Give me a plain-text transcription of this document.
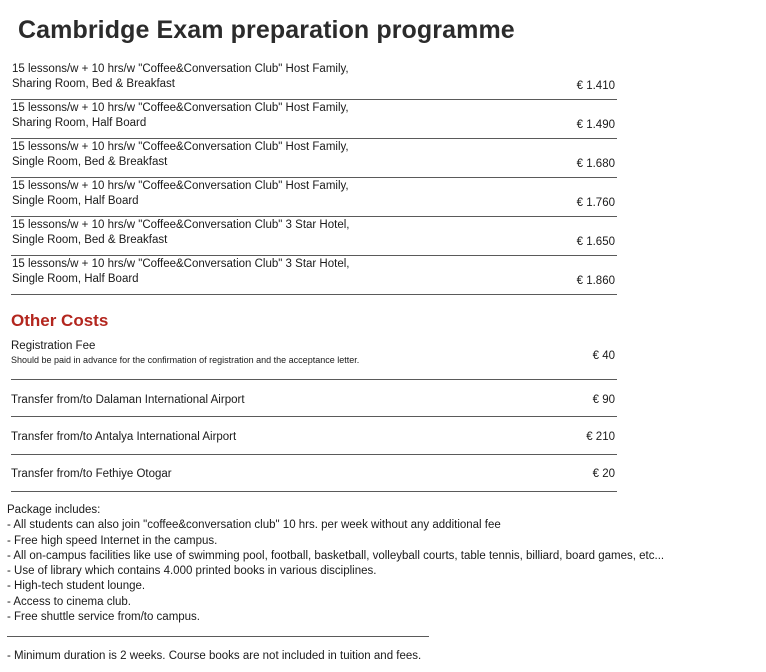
Cambridge Exam preparation programme
15 lessons/w + 10 hrs/w "Coffee&Conversation Club" Host Family,
Sharing Room, Bed & Breakfast	€ 1.410
15 lessons/w + 10 hrs/w "Coffee&Conversation Club" Host Family,
Sharing Room, Half Board	€ 1.490
15 lessons/w + 10 hrs/w "Coffee&Conversation Club" Host Family,
Single Room, Bed & Breakfast	€ 1.680
15 lessons/w + 10 hrs/w "Coffee&Conversation Club" Host Family,
Single Room, Half Board	€ 1.760
15 lessons/w + 10 hrs/w "Coffee&Conversation Club" 3 Star Hotel,
Single Room, Bed & Breakfast	€ 1.650
15 lessons/w + 10 hrs/w "Coffee&Conversation Club" 3 Star Hotel,
Single Room, Half Board	€ 1.860
Other Costs
Registration Fee
Should be paid in advance for the confirmation of registration and the acceptance letter.	€ 40
Transfer from/to Dalaman International Airport	€ 90
Transfer from/to Antalya International Airport	€ 210
Transfer from/to Fethiye Otogar	€ 20
Package includes:
- All students can also join "coffee&conversation club" 10 hrs. per week without any additional fee
- Free high speed Internet in the campus.
- All on-campus facilities like use of swimming pool, football, basketball, volleyball courts, table tennis, billiard, board games, etc...
- Use of library which contains 4.000 printed books in various disciplines.
- High-tech student lounge.
- Access to cinema club.
- Free shuttle service from/to campus.
- Minimum duration is 2 weeks. Course books are not included in tuition and fees.
